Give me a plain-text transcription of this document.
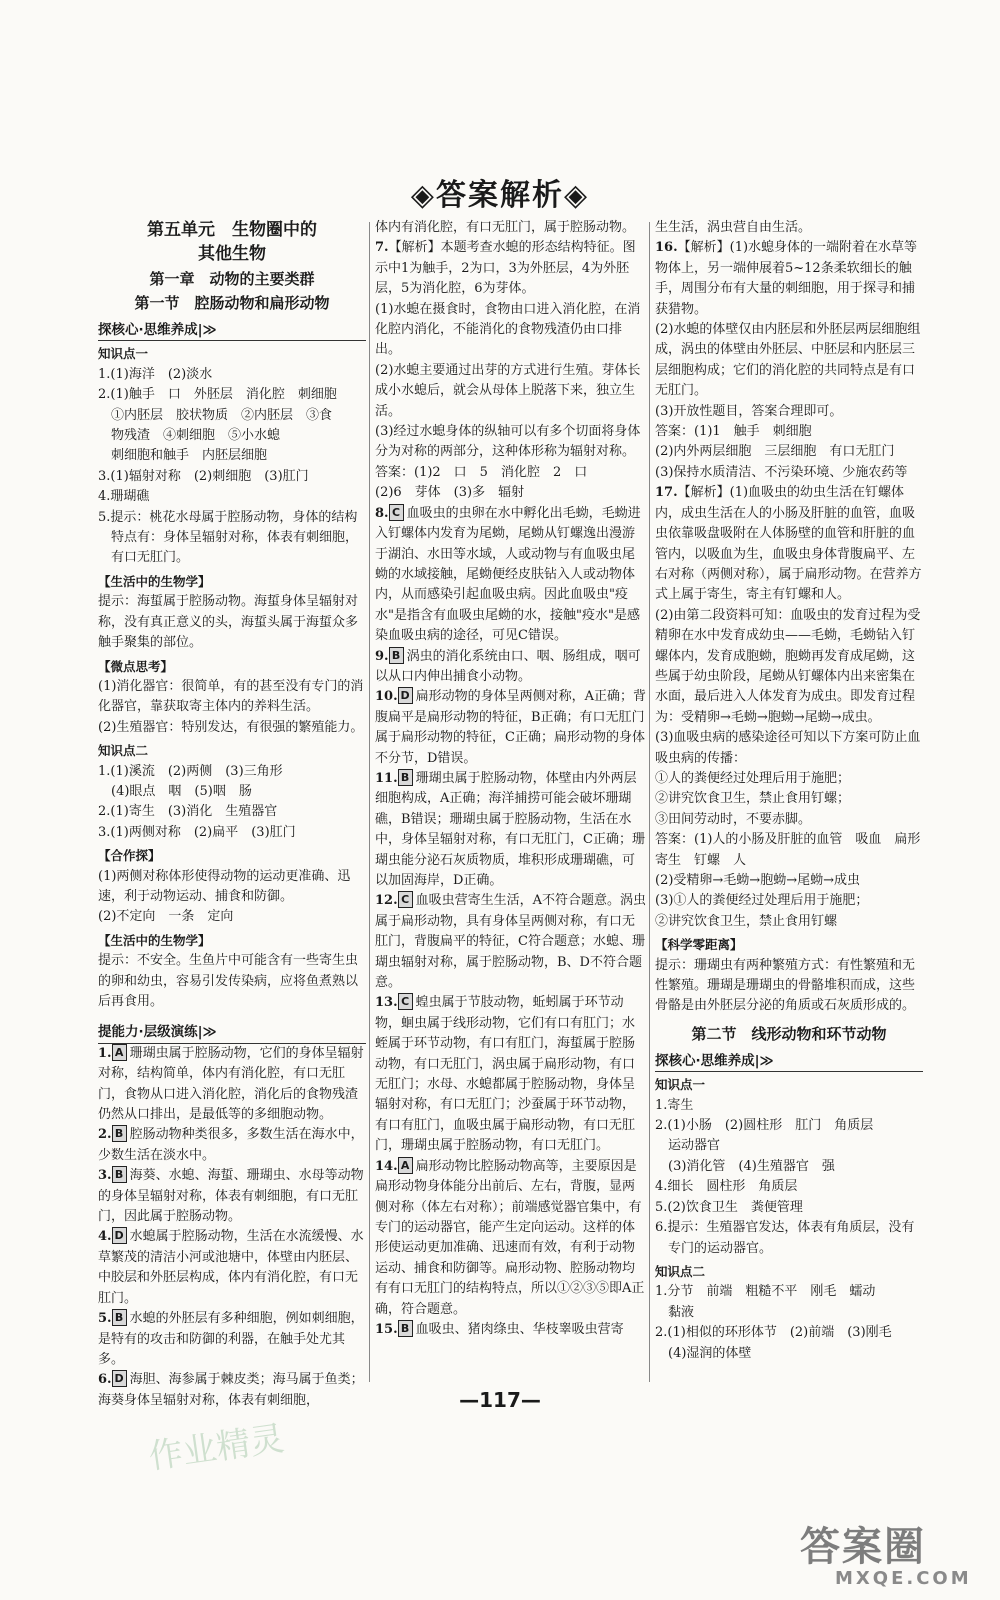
◈答案解析◈
第五单元　生物圈中的
其他生物
第一章　动物的主要类群
第一节　腔肠动物和扁形动物
探核心·思维养成|≫
知识点一
1.(1)海洋　(2)淡水
2.(1)触手　口　外胚层　消化腔　刺细胞
　①内胚层　胶状物质　②内胚层　③食
　物残渣　④刺细胞　⑤小水螅
　刺细胞和触手　内胚层细胞
3.(1)辐射对称　(2)刺细胞　(3)肛门
4.珊瑚礁
5.提示：桃花水母属于腔肠动物，身体的结构
　特点有：身体呈辐射对称，体表有刺细胞，
　有口无肛门。
【生活中的生物学】
提示：海蜇属于腔肠动物。海蜇身体呈辐射对称，没有真正意义的头，海蜇头属于海蜇众多触手聚集的部位。
【微点思考】
(1)消化器官：很简单，有的甚至没有专门的消化器官，靠获取寄主体内的养料生活。
(2)生殖器官：特别发达，有很强的繁殖能力。
知识点二
1.(1)溪流　(2)两侧　(3)三角形
　(4)眼点　咽　(5)咽　肠
2.(1)寄生　(3)消化　生殖器官
3.(1)两侧对称　(2)扁平　(3)肛门
【合作探】
(1)两侧对称体形使得动物的运动更准确、迅速，利于动物运动、捕食和防御。
(2)不定向　一条　定向
【生活中的生物学】
提示：不安全。生鱼片中可能含有一些寄生虫的卵和幼虫，容易引发传染病，应将鱼煮熟以后再食用。
提能力·层级演练|≫
1. A 珊瑚虫属于腔肠动物，它们的身体呈辐射对称，结构简单，体内有消化腔，有口无肛门，食物从口进入消化腔，消化后的食物残渣仍然从口排出，是最低等的多细胞动物。
2. B 腔肠动物种类很多，多数生活在海水中，少数生活在淡水中。
3. B 海葵、水螅、海蜇、珊瑚虫、水母等动物的身体呈辐射对称，体表有刺细胞，有口无肛门，因此属于腔肠动物。
4. D 水螅属于腔肠动物，生活在水流缓慢、水草繁茂的清洁小河或池塘中，体壁由内胚层、中胶层和外胚层构成，体内有消化腔，有口无肛门。
5. B 水螅的外胚层有多种细胞，例如刺细胞，是特有的攻击和防御的利器，在触手处尤其多。
6. D 海胆、海参属于棘皮类；海马属于鱼类；海葵身体呈辐射对称，体表有刺细胞，
体内有消化腔，有口无肛门，属于腔肠动物。
7.【解析】本题考查水螅的形态结构特征。图示中1为触手，2为口，3为外胚层，4为外胚层，5为消化腔，6为芽体。
(1)水螅在摄食时，食物由口进入消化腔，在消化腔内消化，不能消化的食物残渣仍由口排出。
(2)水螅主要通过出芽的方式进行生殖。芽体长成小水螅后，就会从母体上脱落下来，独立生活。
(3)经过水螅身体的纵轴可以有多个切面将身体分为对称的两部分，这种体形称为辐射对称。
答案：(1)2　口　5　消化腔　2　口
(2)6　芽体　(3)多　辐射
8. C 血吸虫的虫卵在水中孵化出毛蚴，毛蚴进入钉螺体内发育为尾蚴，尾蚴从钉螺逸出漫游于湖泊、水田等水域，人或动物与有血吸虫尾蚴的水域接触，尾蚴便经皮肤钻入人或动物体内，从而感染引起血吸虫病。因此血吸虫"疫水"是指含有血吸虫尾蚴的水，接触"疫水"是感染血吸虫病的途径，可见C错误。
9. B 涡虫的消化系统由口、咽、肠组成，咽可以从口内伸出捕食小动物。
10. D 扁形动物的身体呈两侧对称，A正确；背腹扁平是扁形动物的特征，B正确；有口无肛门属于扁形动物的特征，C正确；扁形动物的身体不分节，D错误。
11. B 珊瑚虫属于腔肠动物，体壁由内外两层细胞构成，A正确；海洋捕捞可能会破坏珊瑚礁，B错误；珊瑚虫属于腔肠动物，生活在水中，身体呈辐射对称，有口无肛门，C正确；珊瑚虫能分泌石灰质物质，堆积形成珊瑚礁，可以加固海岸，D正确。
12. C 血吸虫营寄生生活，A不符合题意。涡虫属于扁形动物，具有身体呈两侧对称，有口无肛门，背腹扁平的特征，C符合题意；水螅、珊瑚虫辐射对称，属于腔肠动物，B、D不符合题意。
13. C 蝗虫属于节肢动物，蚯蚓属于环节动物，蛔虫属于线形动物，它们有口有肛门；水蛭属于环节动物，有口有肛门，海蜇属于腔肠动物，有口无肛门，涡虫属于扁形动物，有口无肛门；水母、水螅都属于腔肠动物，身体呈辐射对称，有口无肛门；沙蚕属于环节动物，有口有肛门，血吸虫属于扁形动物，有口无肛门，珊瑚虫属于腔肠动物，有口无肛门。
14. A 扁形动物比腔肠动物高等，主要原因是扁形动物身体能分出前后、左右，背腹，显两侧对称（体左右对称）；前端感觉器官集中，有专门的运动器官，能产生定向运动。这样的体形使运动更加准确、迅速而有效，有利于动物运动、捕食和防御等。扁形动物、腔肠动物均有有口无肛门的结构特点，所以①②③⑤即A正确，符合题意。
15. B 血吸虫、猪肉绦虫、华枝睾吸虫营寄
生生活，涡虫营自由生活。
16.【解析】(1)水螅身体的一端附着在水草等物体上，另一端伸展着5~12条柔软细长的触手，周围分布有大量的刺细胞，用于探寻和捕获猎物。
(2)水螅的体壁仅由内胚层和外胚层两层细胞组成，涡虫的体壁由外胚层、中胚层和内胚层三层细胞构成；它们的消化腔的共同特点是有口无肛门。
(3)开放性题目，答案合理即可。
答案：(1)1　触手　刺细胞
(2)内外两层细胞　三层细胞　有口无肛门
(3)保持水质清洁、不污染环境、少施农药等
17.【解析】(1)血吸虫的幼虫生活在钉螺体内，成虫生活在人的小肠及肝脏的血管，血吸虫依靠吸盘吸附在人体肠壁的血管和肝脏的血管内，以吸血为生，血吸虫身体背腹扁平、左右对称（两侧对称），属于扁形动物。在营养方式上属于寄生，寄主有钉螺和人。
(2)由第二段资料可知：血吸虫的发育过程为受精卵在水中发育成幼虫——毛蚴，毛蚴钻入钉螺体内，发育成胞蚴，胞蚴再发育成尾蚴，这些属于幼虫阶段，尾蚴从钉螺体内出来密集在水面，最后进入人体发育为成虫。即发育过程为：受精卵→毛蚴→胞蚴→尾蚴→成虫。
(3)血吸虫病的感染途径可知以下方案可防止血吸虫病的传播：
①人的粪便经过处理后用于施肥；
②讲究饮食卫生，禁止食用钉螺；
③田间劳动时，不要赤脚。
答案：(1)人的小肠及肝脏的血管　吸血　扁形　寄生　钉螺　人
(2)受精卵→毛蚴→胞蚴→尾蚴→成虫
(3)①人的粪便经过处理后用于施肥；
②讲究饮食卫生，禁止食用钉螺
【科学零距离】
提示：珊瑚虫有两种繁殖方式：有性繁殖和无性繁殖。珊瑚是珊瑚虫的骨骼堆积而成，这些骨骼是由外胚层分泌的角质或石灰质形成的。
第二节　线形动物和环节动物
探核心·思维养成|≫
知识点一
1.寄生
2.(1)小肠　(2)圆柱形　肛门　角质层
　运动器官
　(3)消化管　(4)生殖器官　强
4.细长　圆柱形　角质层
5.(2)饮食卫生　粪便管理
6.提示：生殖器官发达，体表有角质层，没有
　专门的运动器官。
知识点二
1.分节　前端　粗糙不平　刚毛　蠕动
　黏液
2.(1)相似的环形体节　(2)前端　(3)刚毛
　(4)湿润的体壁
—117—
作业精灵
答案圈
MXQE.COM
